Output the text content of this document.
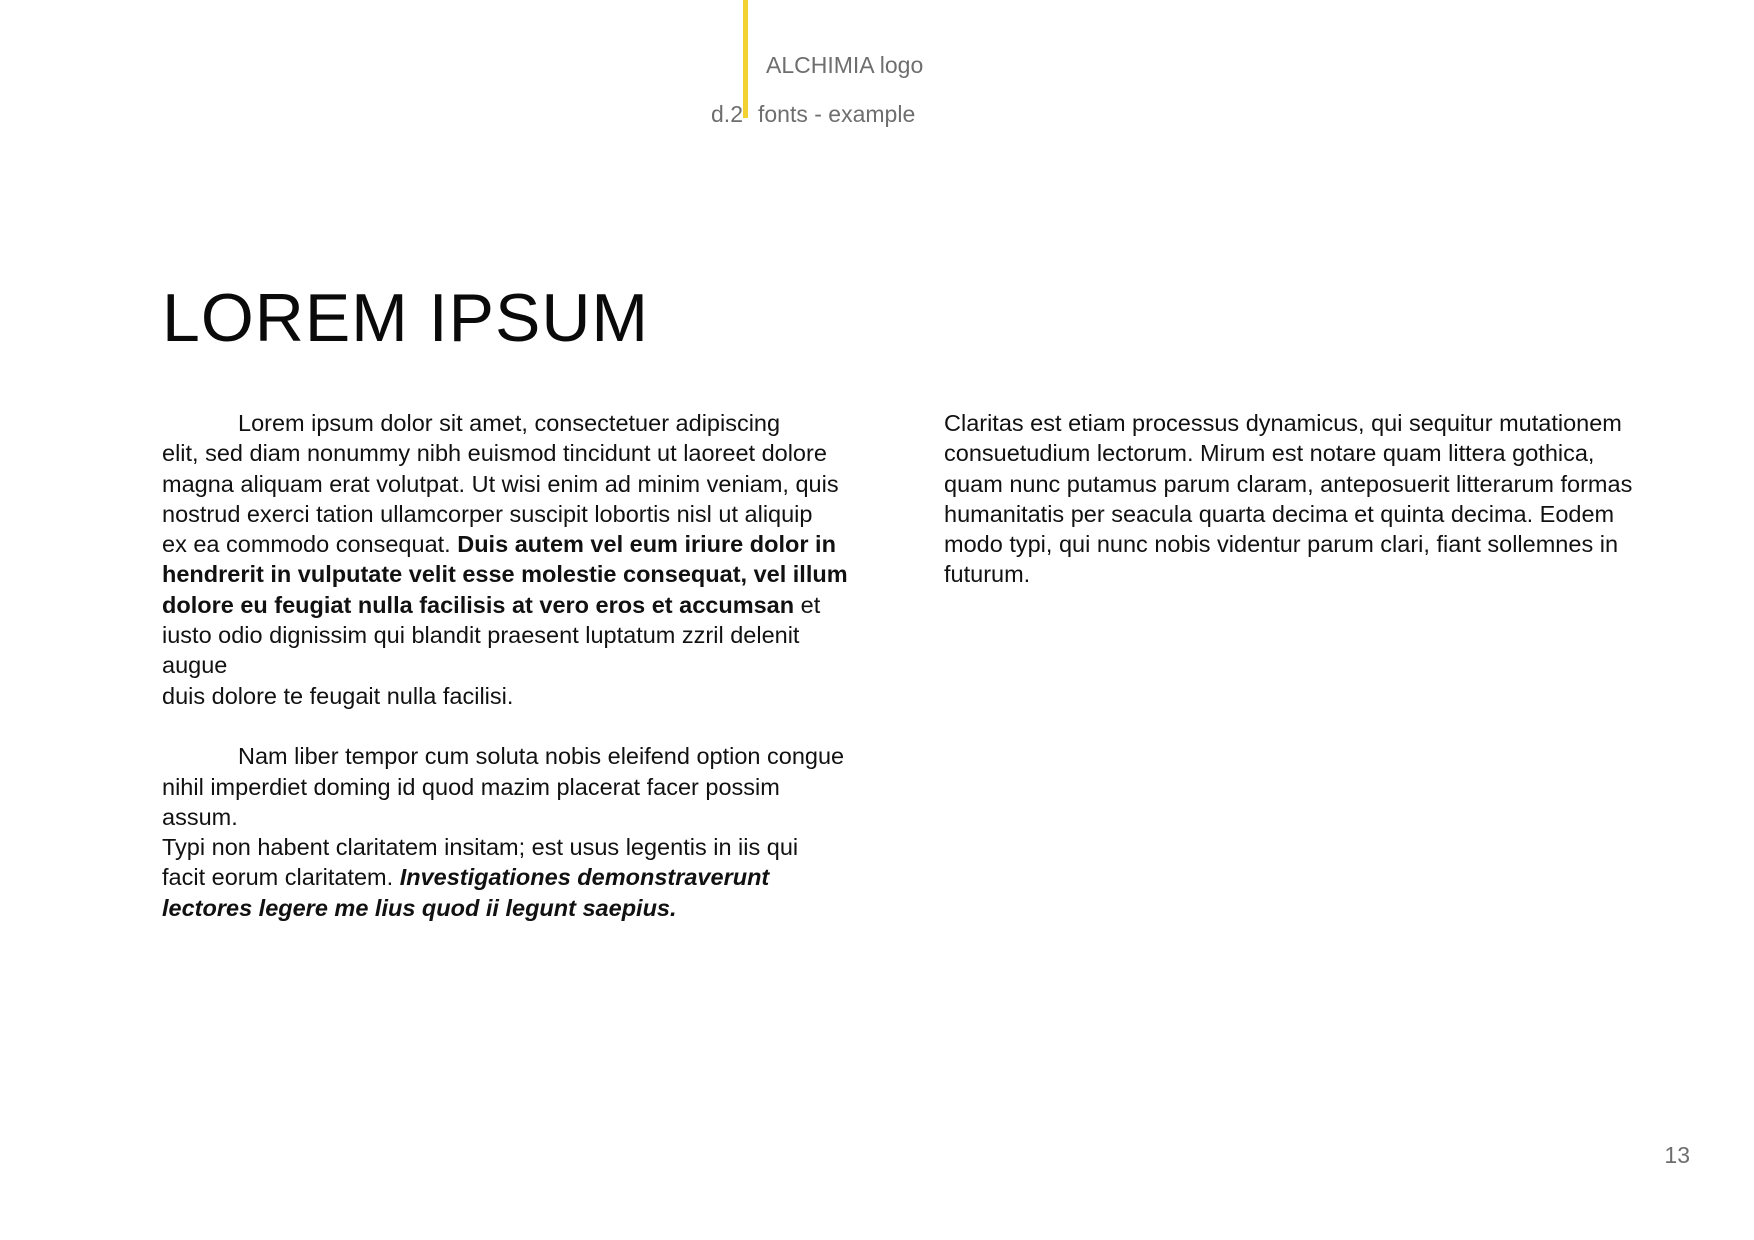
ALCHIMIA logo
d.2 fonts - example
LOREM IPSUM
Lorem ipsum dolor sit amet, consectetuer adipiscing
elit, sed diam nonummy nibh euismod tincidunt ut laoreet dolore
magna aliquam erat volutpat. Ut wisi enim ad minim veniam, quis
nostrud exerci tation ullamcorper suscipit lobortis nisl ut aliquip
ex ea commodo consequat. Duis autem vel eum iriure dolor in
hendrerit in vulputate velit esse molestie consequat, vel illum
dolore eu feugiat nulla facilisis at vero eros et accumsan et
iusto odio dignissim qui blandit praesent luptatum zzril delenit
augue
duis dolore te feugait nulla facilisi.
Nam liber tempor cum soluta nobis eleifend option congue
nihil imperdiet doming id quod mazim placerat facer possim
assum.
Typi non habent claritatem insitam; est usus legentis in iis qui
facit eorum claritatem. Investigationes demonstraverunt
lectores legere me lius quod ii legunt saepius.
Claritas est etiam processus dynamicus, qui sequitur mutationem
consuetudium lectorum. Mirum est notare quam littera gothica,
quam nunc putamus parum claram, anteposuerit litterarum formas
humanitatis per seacula quarta decima et quinta decima. Eodem
modo typi, qui nunc nobis videntur parum clari, fiant sollemnes in
futurum.
13
